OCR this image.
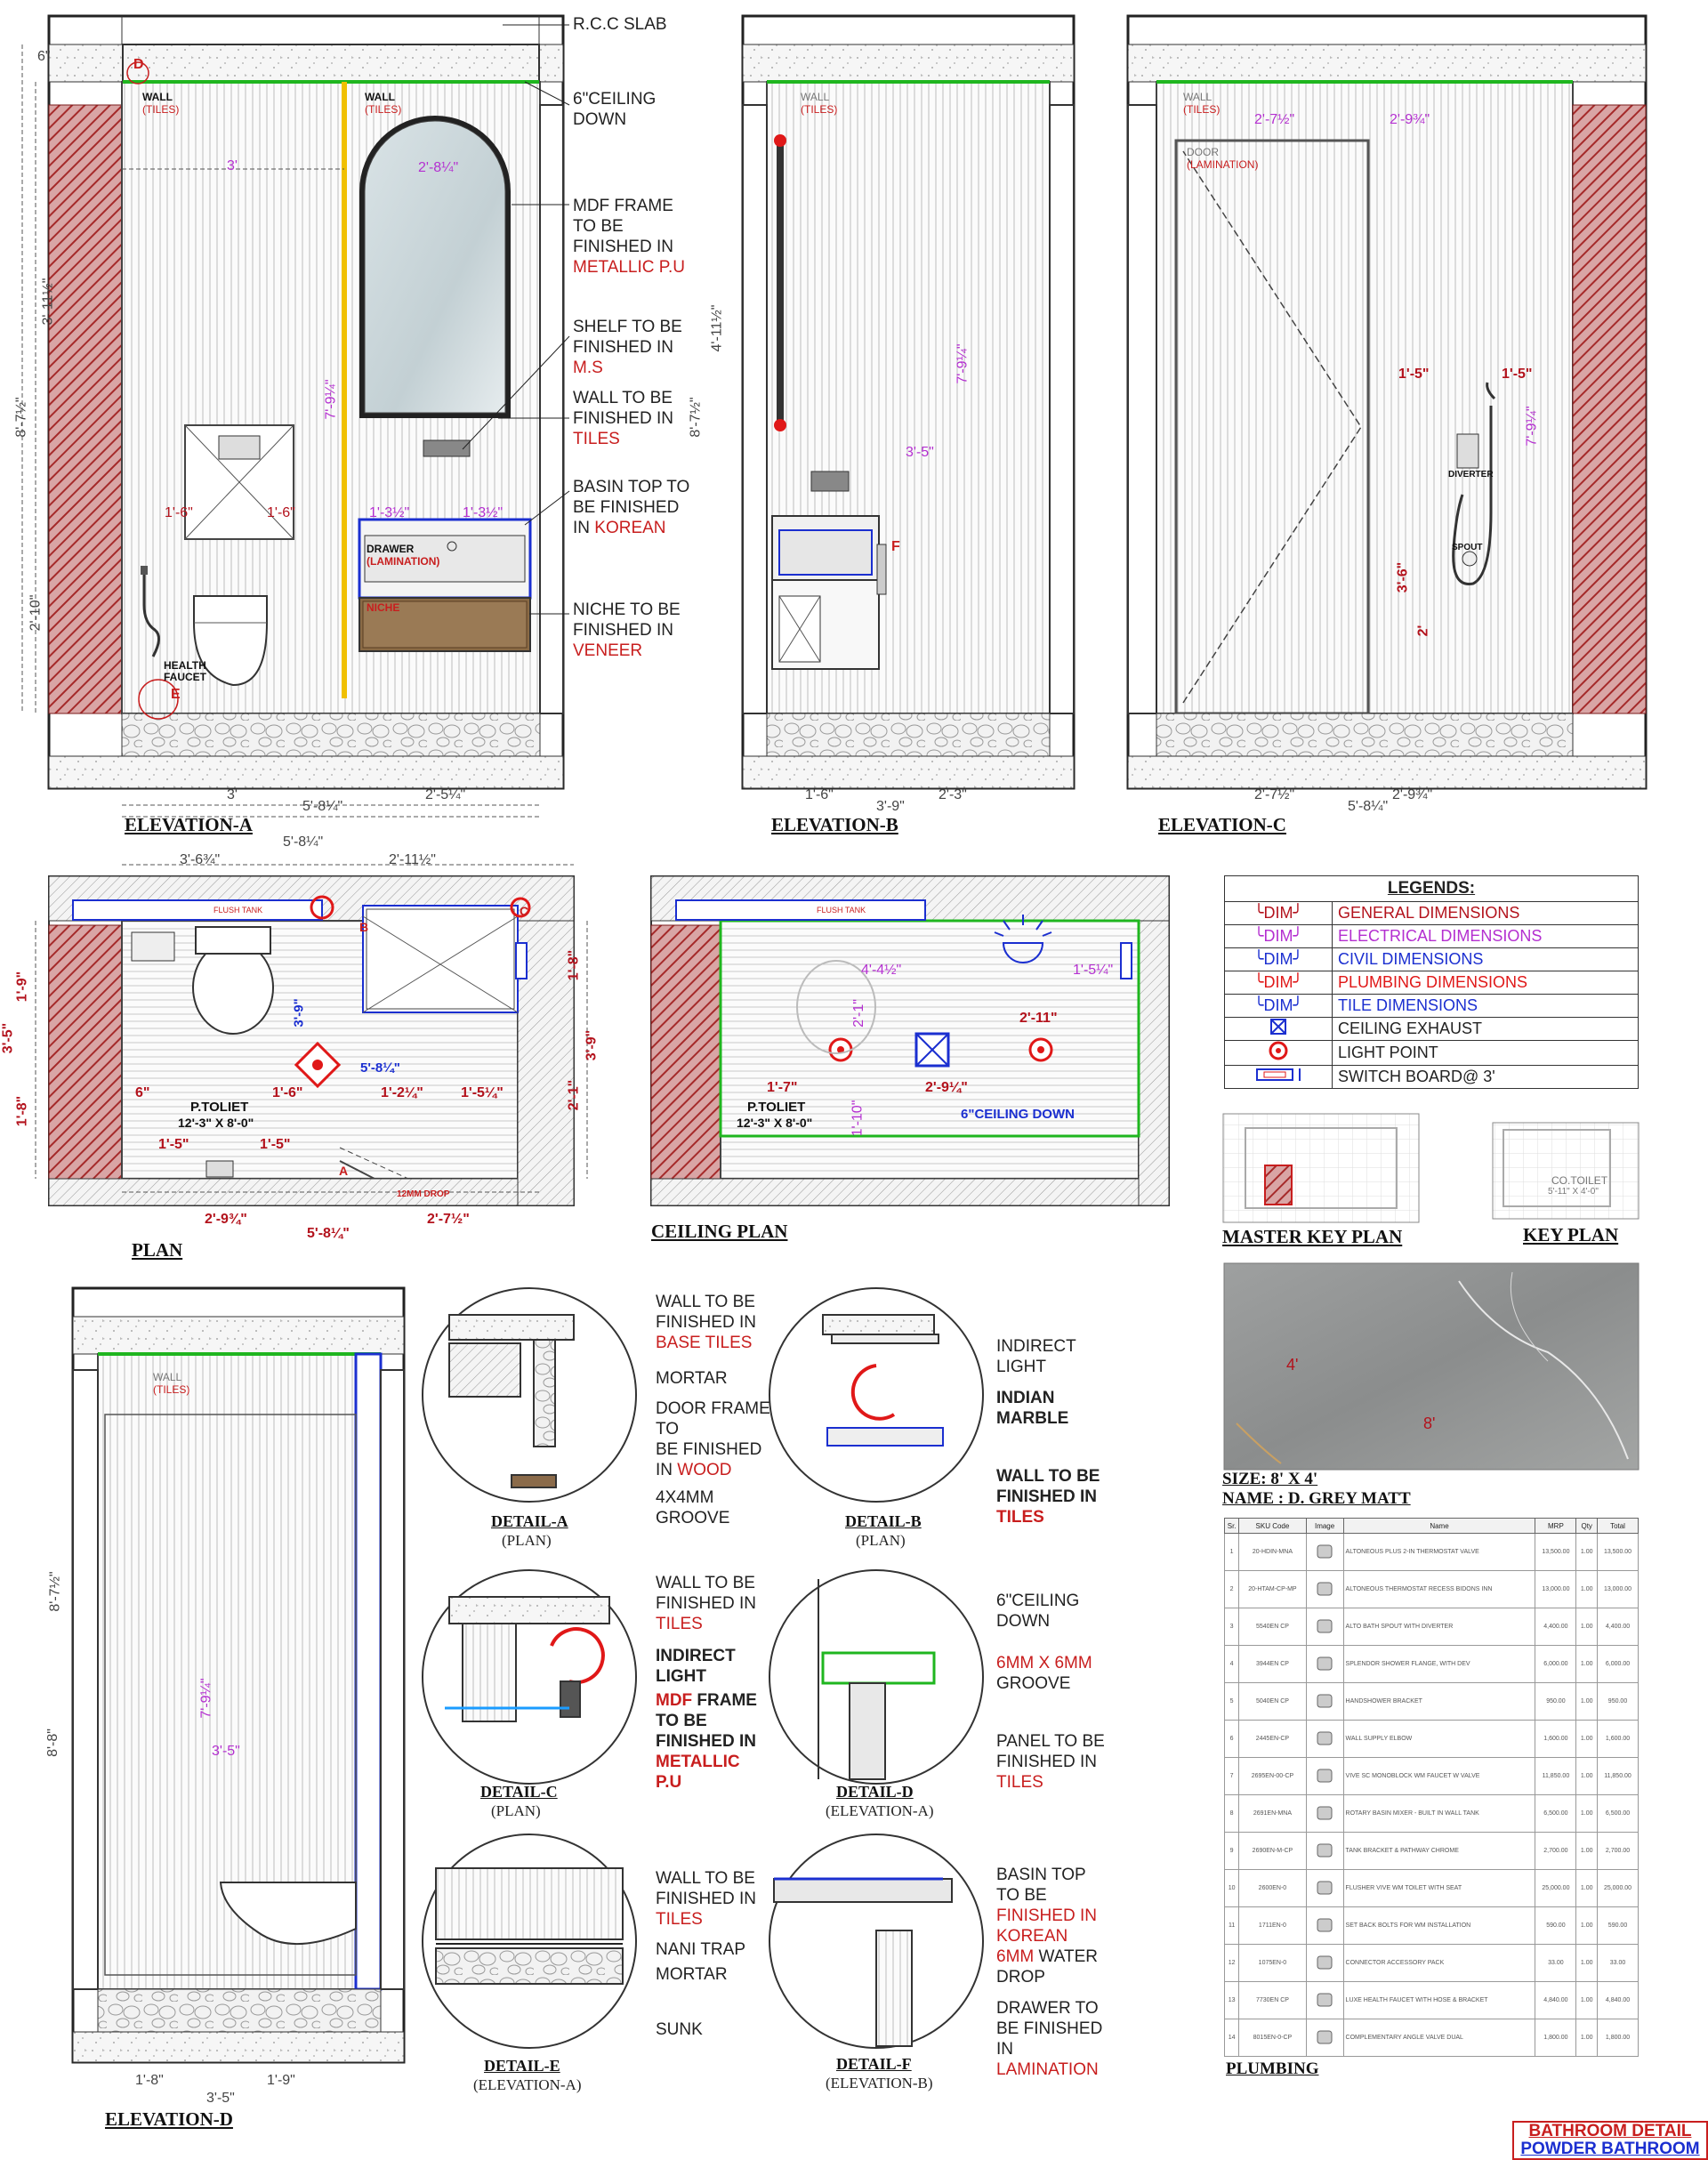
ELEVATION-A	ELEVATION-B	ELEVATION-C
PLAN
CEILING PLAN	MASTER KEY PLAN	KEY PLAN
ELEVATION-D
PLUMBING
CO.TOILET
5'-11" X 4'-0"
R.C.C SLAB
6"CEILING
DOWN
MDF FRAME
TO BE
FINISHED IN
METALLIC P.U
SHELF TO BE
FINISHED IN
M.S
WALL TO BE
FINISHED IN
TILES
BASIN TOP TO
BE FINISHED
IN KOREAN
NICHE TO BE
FINISHED IN
VENEER
WALL
(TILES)
WALL
(TILES)
DRAWER
(LAMINATION)
NICHE
HEALTH
FAUCET
D
E
WALL
(TILES)
F
WALL
(TILES)
DOOR
(LAMINATION)
DIVERTER
SPOUT
WALL
(TILES)
FLUSH TANK	FLUSH TANK
P.TOLIET
12'-3" X 8'-0"
P.TOLIET
12'-3" X 8'-0"
6"CEILING DOWN
12MM DROP
A
B
C
6"
2'-8¼"
3'
3'-11½"
8'-7½"	7'-9¼"
2'-10"
3'	2'-5¼"
5'-8¼"
1'-3½"	1'-3½"
1'-6"	1'-6"
1'-6"	2'-3"
3'-9"
4'-11½"
7'-9¼"
8'-7½"
3'-5"
2'-7½"	2'-9¾"
2'-7½"	2'-9¾"
5'-8¼"
1'-5"	1'-5"
3'-6"
2'
7'-9¼"
5'-8¼"
3'-6¾"	2'-11½"
2'-9¾"	2'-7½"
5'-8¼"
1'-9"
3'-5"
1'-8"
1'-8"
3'-9"
2'-1"
6"	1'-6"	1'-2¼"	1'-5¼"
5'-8¼"
3'-9"
1'-5"	1'-5"
4'-4½"
2'-1"	2'-11"
1'-5¼"
1'-7"	2'-9¼"
1'-10"
1'-8"	1'-9"
3'-5"
8'-7½"
8'-8"
7'-9¼"
3'-5"
DETAIL-A
(PLAN)
WALL TO BE
FINISHED IN
BASE TILES
MORTAR
DOOR FRAME
TO
BE FINISHED
IN WOOD
4X4MM
GROOVE	DETAIL-B
(PLAN)
INDIRECT
LIGHT
INDIAN
MARBLE
WALL TO BE
FINISHED IN
TILES
DETAIL-C
(PLAN)
WALL TO BE
FINISHED IN
TILES
INDIRECT
LIGHT
MDF FRAME
TO BE
FINISHED IN
METALLIC
P.U	DETAIL-D
(ELEVATION-A)
6"CEILING
DOWN
6MM X 6MM
GROOVE
PANEL TO BE
FINISHED IN
TILES
DETAIL-E
(ELEVATION-A)
WALL TO BE
FINISHED IN
TILES
NANI TRAP
MORTAR
SUNK
DETAIL-F
(ELEVATION-B)
BASIN TOP
TO BE
FINISHED IN
KOREAN
6MM WATER
DROP
DRAWER TO
BE FINISHED
IN
LAMINATION
LEGENDS:	
╰DIM╯	GENERAL DIMENSIONS
╰DIM╯	ELECTRICAL DIMENSIONS
╰DIM╯	CIVIL DIMENSIONS
╰DIM╯	PLUMBING DIMENSIONS
╰DIM╯	TILE DIMENSIONS
	CEILING EXHAUST
	LIGHT POINT
	SWITCH BOARD@ 3'
4'
8'
SIZE: 8' X 4'
NAME : D. GREY MATT
Sr.	SKU Code	Image	Name	MRP	Qty	Total
1	20-HDIN-MNA		ALTONEOUS PLUS 2-IN THERMOSTAT VALVE	13,500.00	1.00	13,500.00
2	20-HTAM-CP-MP		ALTONEOUS THERMOSTAT RECESS BIDONS INN	13,000.00	1.00	13,000.00
3	5540EN CP		ALTO BATH SPOUT WITH DIVERTER	4,400.00	1.00	4,400.00
4	3944EN CP		SPLENDOR SHOWER FLANGE, WITH DEV	6,000.00	1.00	6,000.00
5	5040EN CP		HANDSHOWER BRACKET	950.00	1.00	950.00
6	2445EN-CP		WALL SUPPLY ELBOW	1,600.00	1.00	1,600.00
7	2695EN-00-CP		VIVE SC MONOBLOCK WM FAUCET W VALVE	11,850.00	1.00	11,850.00
8	2691EN-MNA		ROTARY BASIN MIXER - BUILT IN WALL TANK	6,500.00	1.00	6,500.00
9	2690EN-M-CP		TANK BRACKET & PATHWAY CHROME	2,700.00	1.00	2,700.00
10	2600EN-0		FLUSHER VIVE WM TOILET WITH SEAT	25,000.00	1.00	25,000.00
11	1711EN-0		SET BACK BOLTS FOR WM INSTALLATION	590.00	1.00	590.00
12	1075EN-0		CONNECTOR ACCESSORY PACK	33.00	1.00	33.00
13	7730EN CP		LUXE HEALTH FAUCET WITH HOSE & BRACKET	4,840.00	1.00	4,840.00
14	8015EN-0-CP		COMPLEMENTARY ANGLE VALVE DUAL	1,800.00	1.00	1,800.00
BATHROOM DETAIL
POWDER BATHROOM
